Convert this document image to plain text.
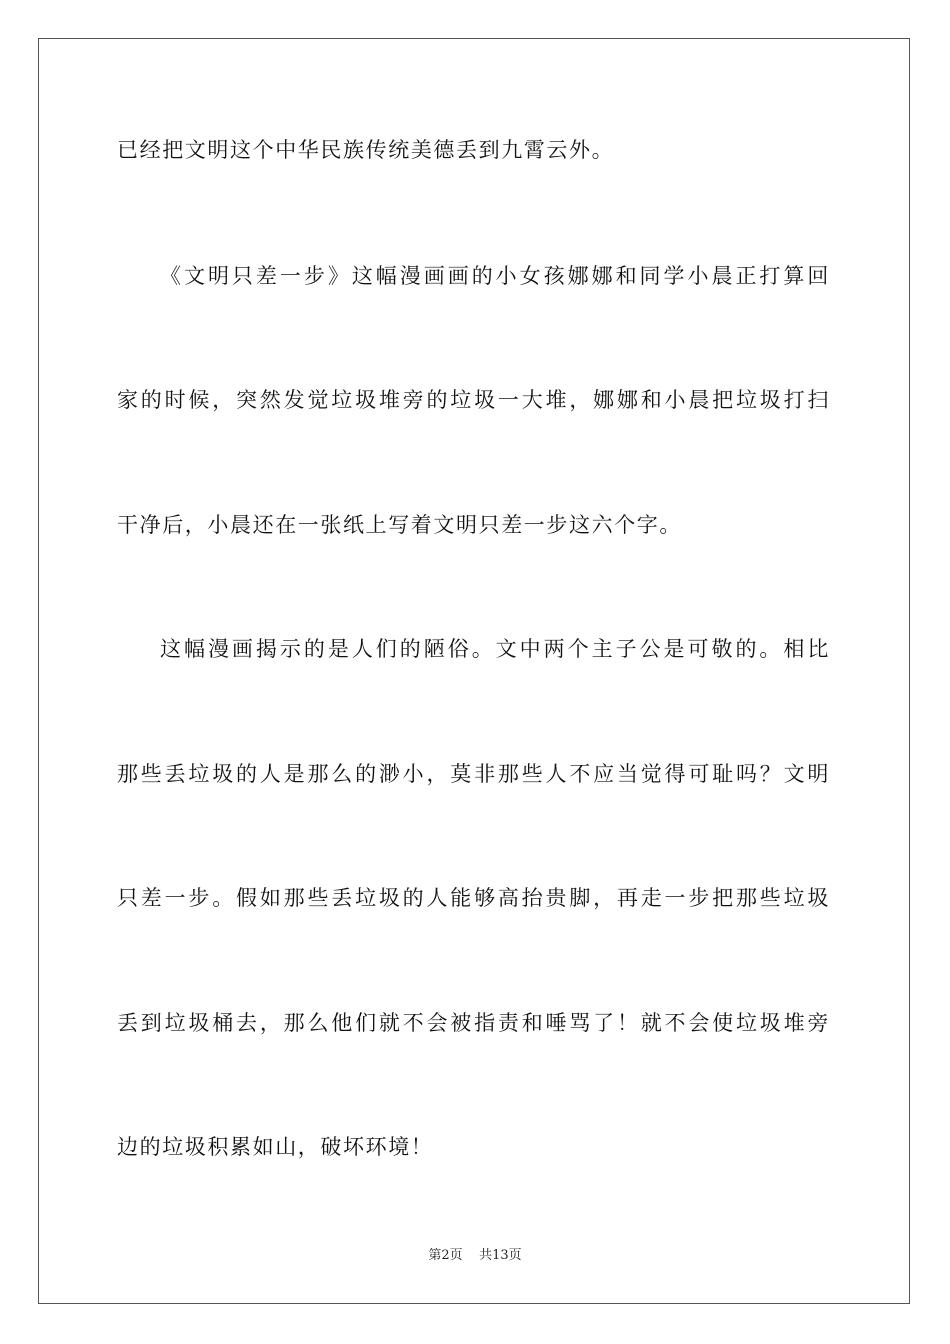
已经把文明这个中华民族传统美德丢到九霄云外。
《文明只差一步》这幅漫画画的小女孩娜娜和同学小晨正打算回
家的时候，突然发觉垃圾堆旁的垃圾一大堆，娜娜和小晨把垃圾打扫
干净后，小晨还在一张纸上写着文明只差一步这六个字。
这幅漫画揭示的是人们的陋俗。文中两个主子公是可敬的。相比
那些丢垃圾的人是那么的渺小，莫非那些人不应当觉得可耻吗？文明
只差一步。假如那些丢垃圾的人能够高抬贵脚，再走一步把那些垃圾
丢到垃圾桶去，那么他们就不会被指责和唾骂了！就不会使垃圾堆旁
边的垃圾积累如山，破坏环境！
第2页 共13页
